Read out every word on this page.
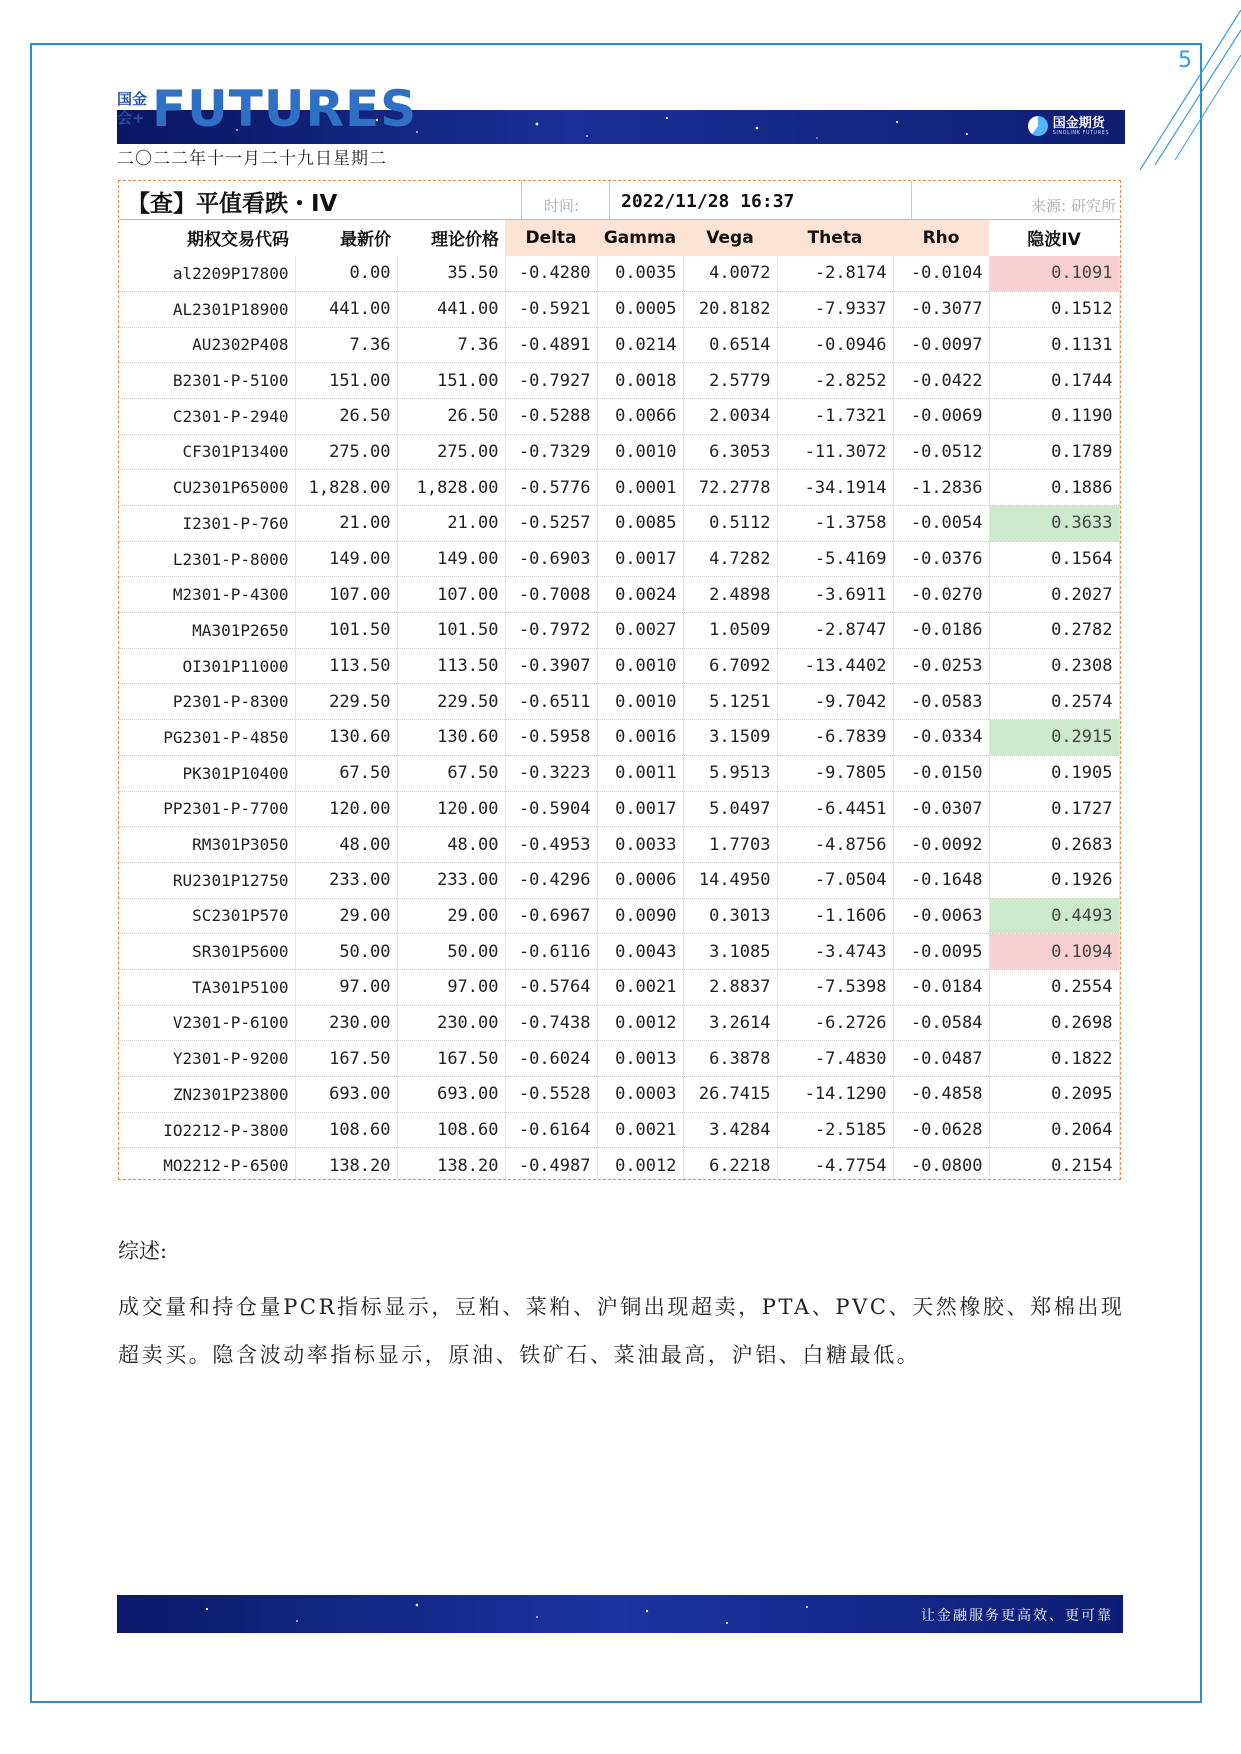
5
国金期货
SINOLINK FUTURES
国金会+ FUTURES
二〇二二年十一月二十九日星期二
【查】平值看跌・IV	时间: 2022/11/28 16:37	来源: 研究所
期权交易代码	最新价	理论价格	Delta	Gamma	Vega	Theta	Rho	隐波IV
al2209P17800	0.00	35.50	-0.4280	0.0035	4.0072	-2.8174	-0.0104	0.1091
AL2301P18900	441.00	441.00	-0.5921	0.0005	20.8182	-7.9337	-0.3077	0.1512
AU2302P408	7.36	7.36	-0.4891	0.0214	0.6514	-0.0946	-0.0097	0.1131
B2301-P-5100	151.00	151.00	-0.7927	0.0018	2.5779	-2.8252	-0.0422	0.1744
C2301-P-2940	26.50	26.50	-0.5288	0.0066	2.0034	-1.7321	-0.0069	0.1190
CF301P13400	275.00	275.00	-0.7329	0.0010	6.3053	-11.3072	-0.0512	0.1789
CU2301P65000	1,828.00	1,828.00	-0.5776	0.0001	72.2778	-34.1914	-1.2836	0.1886
I2301-P-760	21.00	21.00	-0.5257	0.0085	0.5112	-1.3758	-0.0054	0.3633
L2301-P-8000	149.00	149.00	-0.6903	0.0017	4.7282	-5.4169	-0.0376	0.1564
M2301-P-4300	107.00	107.00	-0.7008	0.0024	2.4898	-3.6911	-0.0270	0.2027
MA301P2650	101.50	101.50	-0.7972	0.0027	1.0509	-2.8747	-0.0186	0.2782
OI301P11000	113.50	113.50	-0.3907	0.0010	6.7092	-13.4402	-0.0253	0.2308
P2301-P-8300	229.50	229.50	-0.6511	0.0010	5.1251	-9.7042	-0.0583	0.2574
PG2301-P-4850	130.60	130.60	-0.5958	0.0016	3.1509	-6.7839	-0.0334	0.2915
PK301P10400	67.50	67.50	-0.3223	0.0011	5.9513	-9.7805	-0.0150	0.1905
PP2301-P-7700	120.00	120.00	-0.5904	0.0017	5.0497	-6.4451	-0.0307	0.1727
RM301P3050	48.00	48.00	-0.4953	0.0033	1.7703	-4.8756	-0.0092	0.2683
RU2301P12750	233.00	233.00	-0.4296	0.0006	14.4950	-7.0504	-0.1648	0.1926
SC2301P570	29.00	29.00	-0.6967	0.0090	0.3013	-1.1606	-0.0063	0.4493
SR301P5600	50.00	50.00	-0.6116	0.0043	3.1085	-3.4743	-0.0095	0.1094
TA301P5100	97.00	97.00	-0.5764	0.0021	2.8837	-7.5398	-0.0184	0.2554
V2301-P-6100	230.00	230.00	-0.7438	0.0012	3.2614	-6.2726	-0.0584	0.2698
Y2301-P-9200	167.50	167.50	-0.6024	0.0013	6.3878	-7.4830	-0.0487	0.1822
ZN2301P23800	693.00	693.00	-0.5528	0.0003	26.7415	-14.1290	-0.4858	0.2095
IO2212-P-3800	108.60	108.60	-0.6164	0.0021	3.4284	-2.5185	-0.0628	0.2064
MO2212-P-6500	138.20	138.20	-0.4987	0.0012	6.2218	-4.7754	-0.0800	0.2154
综述:
成交量和持仓量PCR指标显示，豆粕、菜粕、沪铜出现超卖，PTA、PVC、天然橡胶、郑棉出现超卖买。隐含波动率指标显示，原油、铁矿石、菜油最高，沪铝、白糖最低。
让金融服务更高效、更可靠
